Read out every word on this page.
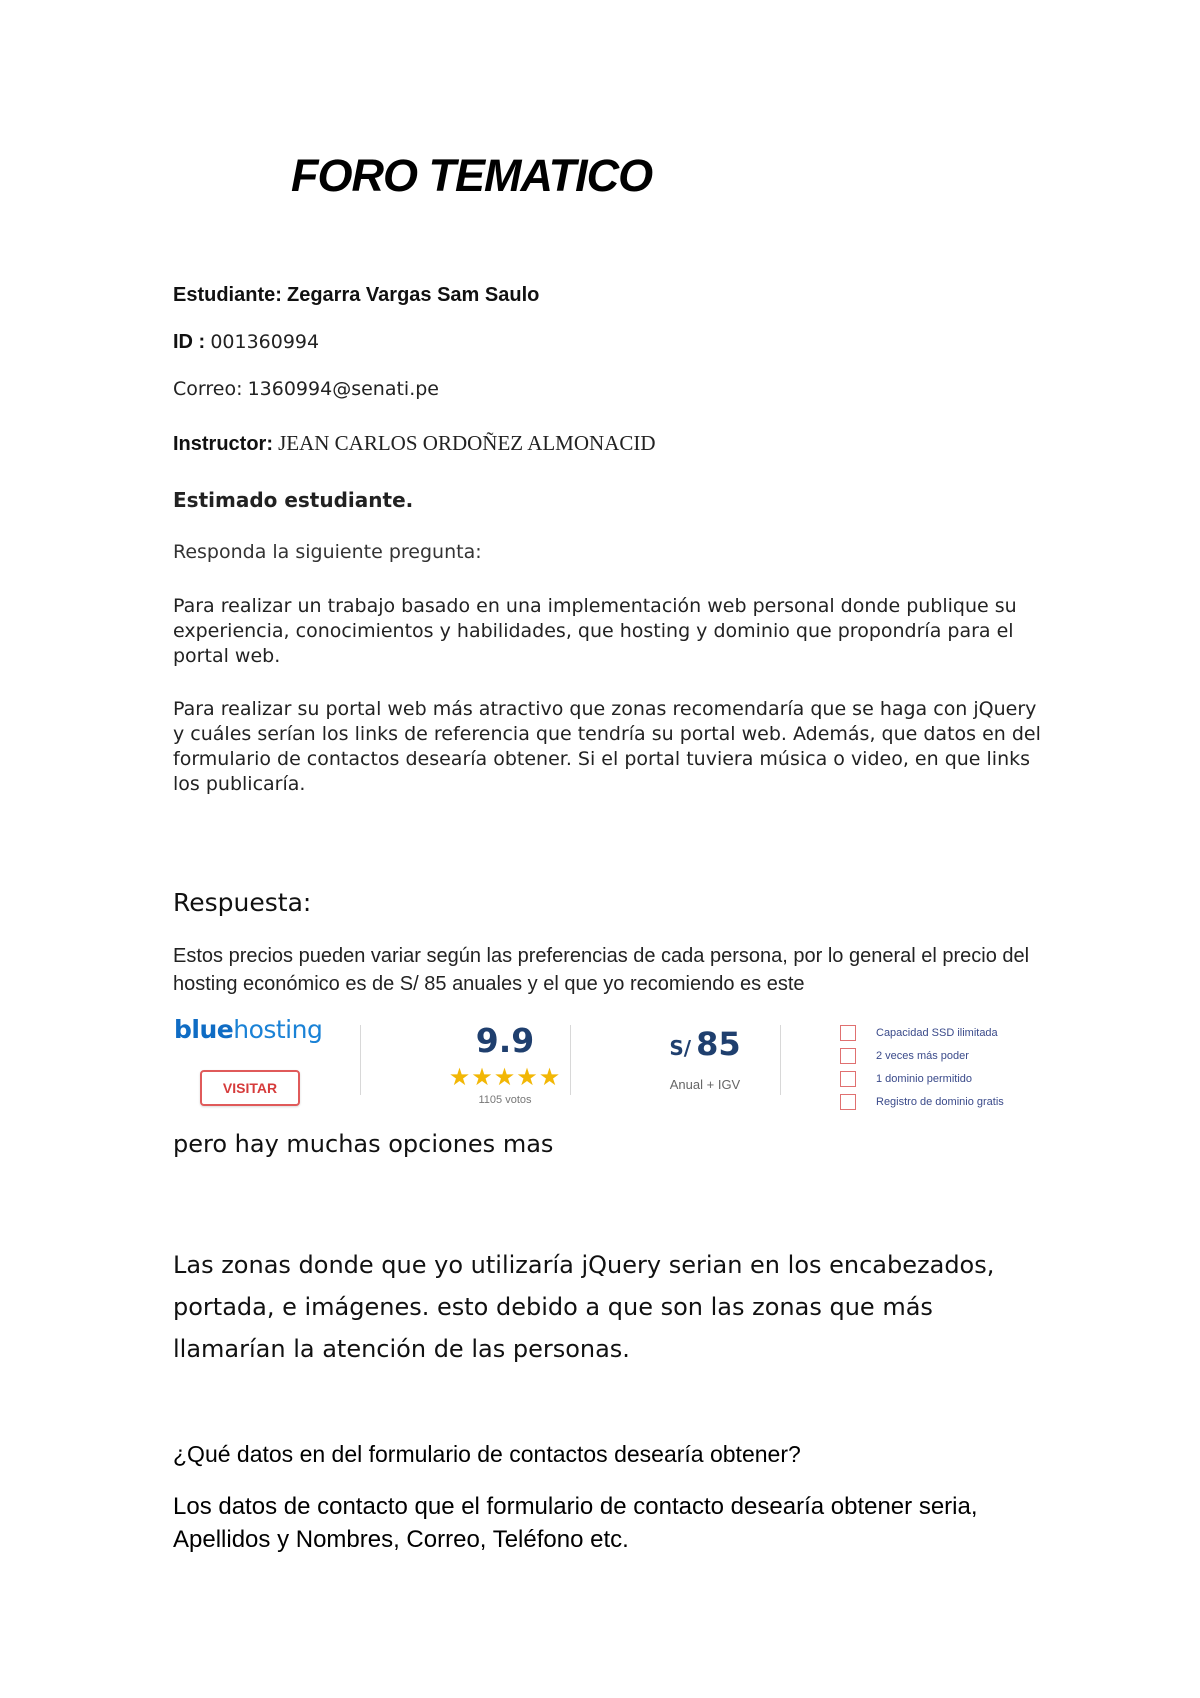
FORO TEMATICO
Estudiante: Zegarra Vargas Sam Saulo
ID : 001360994
Correo: 1360994@senati.pe
Instructor: JEAN CARLOS ORDOÑEZ ALMONACID
Estimado estudiante.
Responda la siguiente pregunta:

Para realizar un trabajo basado en una implementación web personal donde publique su experiencia, conocimientos y habilidades, que hosting y dominio que propondría para el portal web.

Para realizar su portal web más atractivo que zonas recomendaría que se haga con jQuery y cuáles serían los links de referencia que tendría su portal web. Además, que datos en del formulario de contactos desearía obtener. Si el portal tuviera música o video, en que links los publicaría.

Respuesta:
Estos precios pueden variar según las preferencias de cada persona, por lo general el precio del hosting económico es de S/ 85 anuales y el que yo recomiendo es este
bluehosting
VISITAR
9.9
★★★★★
1105 votos
S/ 85
Anual + IGV
Capacidad SSD ilimitada
2 veces más poder
1 dominio permitido
Registro de dominio gratis
pero hay muchas opciones mas
Las zonas donde que yo utilizaría jQuery serian en los encabezados, portada, e imágenes. esto debido a que son las zonas que más llamarían la atención de las personas.
¿Qué datos en del formulario de contactos desearía obtener?
Los datos de contacto que el formulario de contacto desearía obtener seria, Apellidos y Nombres, Correo, Teléfono etc.
